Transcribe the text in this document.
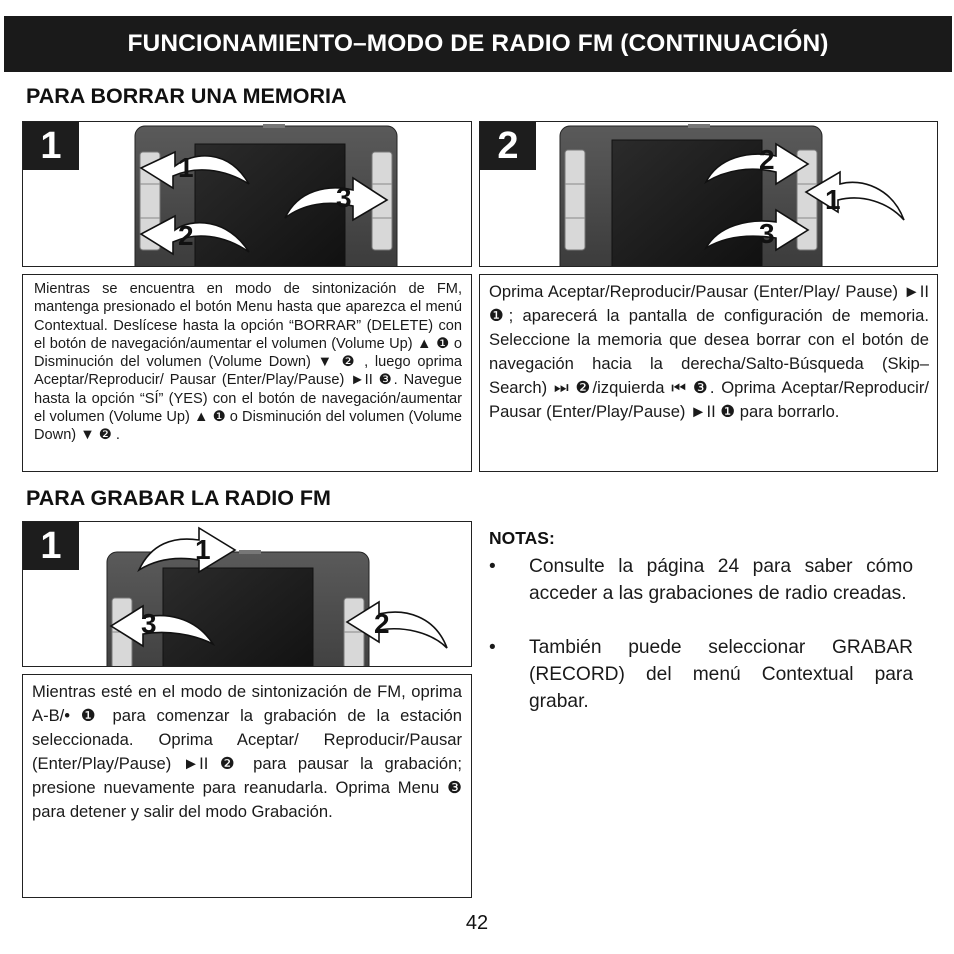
FUNCIONAMIENTO–MODO DE RADIO FM (CONTINUACIÓN)
PARA BORRAR UNA MEMORIA
1
1
2
3
2	2
1
3
Mientras se encuentra en modo de sintonización de FM, mantenga presionado el botón Menu hasta que aparezca el menú Contextual. Deslícese hasta la opción “BORRAR” (DELETE) con el botón de navegación/aumentar el volumen (Volume Up) ▲ ❶ o Disminución del volumen (Volume Down) ▼ ❷ , luego oprima Aceptar/Reproducir/ Pausar (Enter/Play/Pause) ►II ❸. Navegue hasta la opción “SÍ” (YES) con el botón de navegación/aumentar el volumen (Volume Up) ▲ ❶ o Disminución del volumen (Volume Down) ▼ ❷ .
Oprima Aceptar/Reproducir/Pausar (Enter/Play/ Pause) ►II ❶; aparecerá la pantalla de configuración de memoria. Seleccione la memoria que desea borrar con el botón de navegación hacia la derecha/Salto-Búsqueda (Skip–Search) ⏭ ❷/izquierda ⏮ ❸. Oprima Aceptar/Reproducir/ Pausar (Enter/Play/Pause) ►II ❶ para borrarlo.
PARA GRABAR LA RADIO FM
1	1
3	2
Mientras esté en el modo de sintonización de FM, oprima A-B/• ❶ para comenzar la grabación de la estación seleccionada. Oprima Aceptar/ Reproducir/Pausar (Enter/Play/Pause) ►II ❷ para pausar la grabación; presione nuevamente para reanudarla. Oprima Menu ❸ para detener y salir del modo Grabación.
NOTAS:
• Consulte la página 24 para saber cómo acceder a las grabaciones de radio creadas.
• También puede seleccionar GRABAR (RECORD) del menú Contextual para grabar.
42
